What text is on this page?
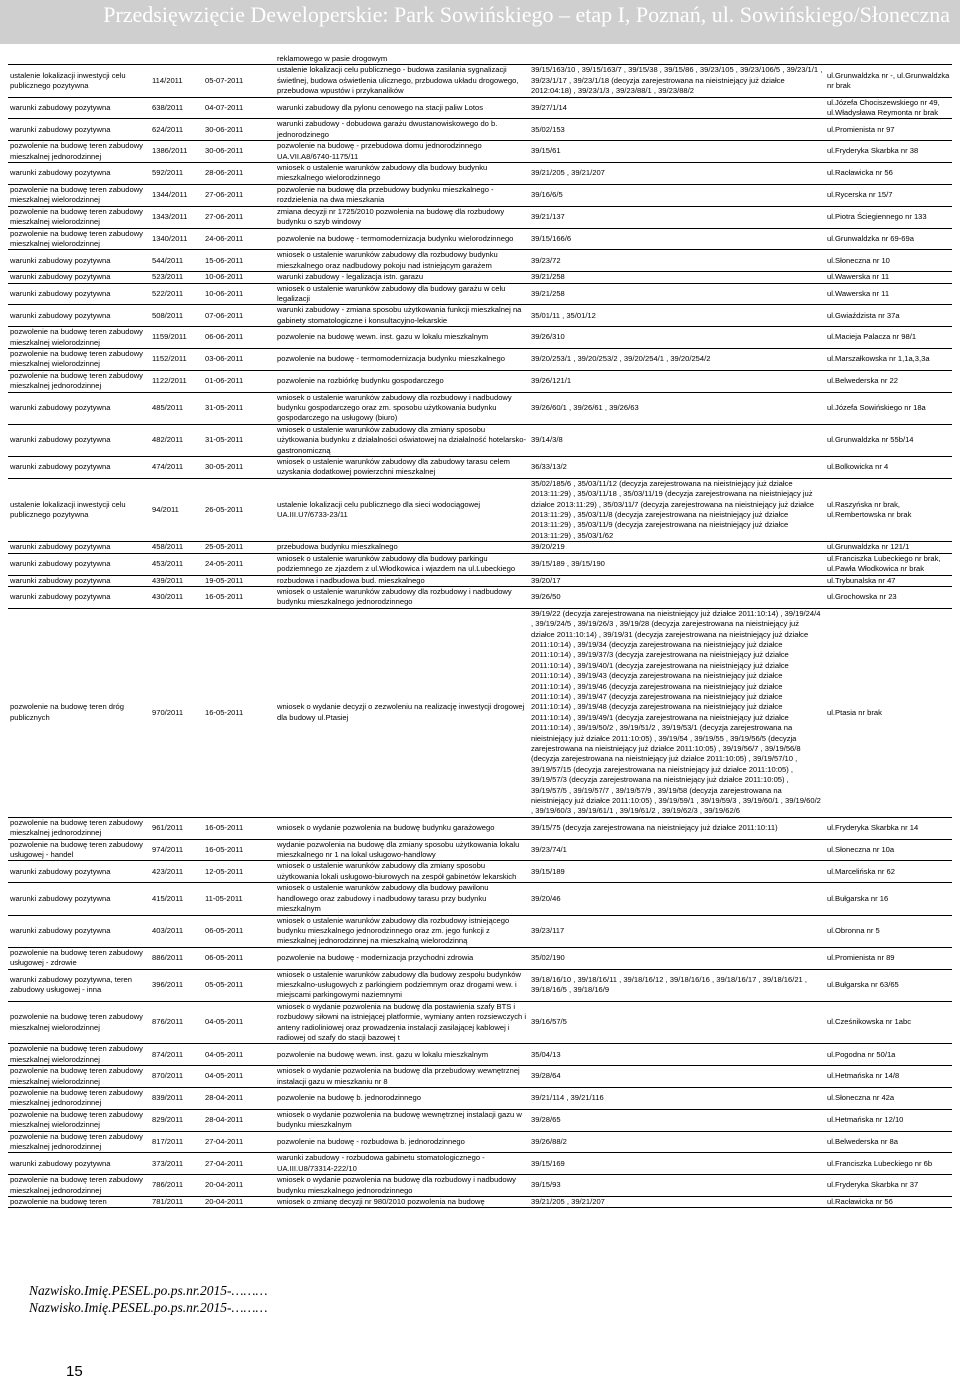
Przedsięwzięcie Deweloperskie: Park Sowińskiego – etap I, Poznań, ul. Sowińskiego/Słoneczna
			reklamowego w pasie drogowym		
ustalenie lokalizacji inwestycji celu publicznego pozytywna	114/2011	05-07-2011	ustalenie lokalizacji celu publicznego - budowa zasilania sygnalizacji świetlnej, budowa oświetlenia ulicznego, przbudowa układu drogowego, przebudowa wpustów i przykanalików	39/15/163/10 , 39/15/163/7 , 39/15/38 , 39/15/86 , 39/23/105 , 39/23/106/5 , 39/23/1/1 , 39/23/1/17 , 39/23/1/18 (decyzja zarejestrowana na nieistniejący już działce 2012:04:18) , 39/23/1/3 , 39/23/88/1 , 39/23/88/2	ul.Grunwaldzka nr -, ul.Grunwaldzka nr brak
warunki zabudowy pozytywna	638/2011	04-07-2011	warunki zabudowy dla pylonu cenowego na stacji paliw Lotos	39/27/1/14	ul.Józefa Chociszewskiego nr 49, ul.Władysława Reymonta nr brak
warunki zabudowy pozytywna	624/2011	30-06-2011	warunki zabudowy - dobudowa garażu dwustanowiskowego do b. jednorodzinego	35/02/153	ul.Promienista nr 97
pozwolenie na budowę teren zabudowy mieszkalnej jednorodzinnej	1386/2011	30-06-2011	pozwolenie na budowę - przebudowa domu jednorodzinnego UA.VII.A8/6740-1175/11	39/15/61	ul.Fryderyka Skarbka nr 38
warunki zabudowy pozytywna	592/2011	28-06-2011	wniosek o ustalenie warunków zabudowy dla budowy budynku mieszkalnego wielorodzinnego	39/21/205 , 39/21/207	ul.Racławicka nr 56
pozwolenie na budowę teren zabudowy mieszkalnej wielorodzinnej	1344/2011	27-06-2011	pozwolenie na budowę dla przebudowy budynku mieszkalnego - rozdzielenia na dwa mieszkania	39/16/6/5	ul.Rycerska nr 15/7
pozwolenie na budowę teren zabudowy mieszkalnej wielorodzinnej	1343/2011	27-06-2011	zmiana decyzji nr 1725/2010 pozwolenia na budowę dla rozbudowy budynku o szyb windowy	39/21/137	ul.Piotra Ściegiennego nr 133
pozwolenie na budowę teren zabudowy mieszkalnej wielorodzinnej	1340/2011	24-06-2011	pozwolenie na budowę - termomodernizacja budynku wielorodzinnego	39/15/166/6	ul.Grunwaldzka nr 69-69a
warunki zabudowy pozytywna	544/2011	15-06-2011	wniosek o ustalenie warunków zabudowy dla rozbudowy budynku mieszkalnego oraz nadbudowy pokoju nad istniejącym garażem	39/23/72	ul.Słoneczna nr 10
warunki zabudowy pozytywna	523/2011	10-06-2011	warunki zabudowy - legalizacja istn. garazu	39/21/258	ul.Wawerska nr 11
warunki zabudowy pozytywna	522/2011	10-06-2011	wniosek o ustalenie warunków zabudowy dla budowy garażu w celu legalizacji	39/21/258	ul.Wawerska nr 11
warunki zabudowy pozytywna	508/2011	07-06-2011	warunki zabudowy - zmiana sposobu użytkowania funkcji mieszkalnej na gabinety stomatologiczne i konsultacyjno-lekarskie	35/01/11 , 35/01/12	ul.Gwiaździsta nr 37a
pozwolenie na budowę teren zabudowy mieszkalnej wielorodzinnej	1159/2011	06-06-2011	pozwolenie na budowę wewn. inst. gazu w lokalu mieszkalnym	39/26/310	ul.Macieja Palacza nr 98/1
pozwolenie na budowę teren zabudowy mieszkalnej wielorodzinnej	1152/2011	03-06-2011	pozwolenie na budowę - termomodernizacja budynku mieszkalnego	39/20/253/1 , 39/20/253/2 , 39/20/254/1 , 39/20/254/2	ul.Marszałkowska nr 1,1a,3,3a
pozwolenie na budowę teren zabudowy mieszkalnej jednorodzinnej	1122/2011	01-06-2011	pozwolenie na rozbiórkę budynku gospodarczego	39/26/121/1	ul.Belwederska nr 22
warunki zabudowy pozytywna	485/2011	31-05-2011	wniosek o ustalenie warunków zabudowy dla rozbudowy i nadbudowy budynku gospodarczego oraz zm. sposobu użytkowania budynku gospodarczego na usługowy (biuro)	39/26/60/1 , 39/26/61 , 39/26/63	ul.Józefa Sowińskiego nr 18a
warunki zabudowy pozytywna	482/2011	31-05-2011	wniosek o ustalenie warunków zabudowy dla zmiany sposobu użytkowania budynku z działalności oświatowej na działalność hotelarsko-gastronomiczną	39/14/3/8	ul.Grunwaldzka nr 55b/14
warunki zabudowy pozytywna	474/2011	30-05-2011	wniosek o ustalenie warunków zabudowy dla zabudowy tarasu celem uzyskania dodatkowej powierzchni mieszkalnej	36/33/13/2	ul.Bolkowicka nr 4
ustalenie lokalizacji inwestycji celu publicznego pozytywna	94/2011	26-05-2011	ustalenie lokalizacji celu publicznego dla sieci wodociągowej UA.III.U7/6733-23/11	35/02/185/6 , 35/03/11/12 (decyzja zarejestrowana na nieistniejący już działce 2013:11:29) , 35/03/11/18 , 35/03/11/19 (decyzja zarejestrowana na nieistniejący już działce 2013:11:29) , 35/03/11/7 (decyzja zarejestrowana na nieistniejący już działce 2013:11:29) , 35/03/11/8 (decyzja zarejestrowana na nieistniejący już działce 2013:11:29) , 35/03/11/9 (decyzja zarejestrowana na nieistniejący już działce 2013:11:29) , 35/03/1/62	ul.Raszyńska nr brak, ul.Rembertowska nr brak
warunki zabudowy pozytywna	458/2011	25-05-2011	przebudowa budynku mieszkalnego	39/20/219	ul.Grunwaldzka nr 121/1
warunki zabudowy pozytywna	453/2011	24-05-2011	wniosek o ustalenie warunków zabudowy dla budowy parkingu podziemnego ze zjazdem z ul.Włodkowica i wjazdem na ul.Lubeckiego	39/15/189 , 39/15/190	ul.Franciszka Lubeckiego nr brak, ul.Pawła Włodkowica nr brak
warunki zabudowy pozytywna	439/2011	19-05-2011	rozbudowa i nadbudowa bud. mieszkalnego	39/20/17	ul.Trybunalska nr 47
warunki zabudowy pozytywna	430/2011	16-05-2011	wniosek o ustalenie warunków zabudowy dla rozbudowy i nadbudowy budynku mieszkalnego jednorodzinnego	39/26/50	ul.Grochowska nr 23
pozwolenie na budowę teren dróg publicznych	970/2011	16-05-2011	wniosek o wydanie decyzji o zezwoleniu na realizację inwestycji drogowej dla budowy ul.Ptasiej	39/19/22 (decyzja zarejestrowana na nieistniejący już działce 2011:10:14) , 39/19/24/4 , 39/19/24/5 , 39/19/26/3 , 39/19/28 (decyzja zarejestrowana na nieistniejący już działce 2011:10:14) , 39/19/31 (decyzja zarejestrowana na nieistniejący już działce 2011:10:14) , 39/19/34 (decyzja zarejestrowana na nieistniejący już działce 2011:10:14) , 39/19/37/3 (decyzja zarejestrowana na nieistniejący już działce 2011:10:14) , 39/19/40/1 (decyzja zarejestrowana na nieistniejący już działce 2011:10:14) , 39/19/43 (decyzja zarejestrowana na nieistniejący już działce 2011:10:14) , 39/19/46 (decyzja zarejestrowana na nieistniejący już działce 2011:10:14) , 39/19/47 (decyzja zarejestrowana na nieistniejący już działce 2011:10:14) , 39/19/48 (decyzja zarejestrowana na nieistniejący już działce 2011:10:14) , 39/19/49/1 (decyzja zarejestrowana na nieistniejący już działce 2011:10:14) , 39/19/50/2 , 39/19/51/2 , 39/19/53/1 (decyzja zarejestrowana na nieistniejący już działce 2011:10:05) , 39/19/54 , 39/19/55 , 39/19/56/5 (decyzja zarejestrowana na nieistniejący już działce 2011:10:05) , 39/19/56/7 , 39/19/56/8 (decyzja zarejestrowana na nieistniejący już działce 2011:10:05) , 39/19/57/10 , 39/19/57/15 (decyzja zarejestrowana na nieistniejący już działce 2011:10:05) , 39/19/57/3 (decyzja zarejestrowana na nieistniejący już działce 2011:10:05) , 39/19/57/5 , 39/19/57/7 , 39/19/57/9 , 39/19/58 (decyzja zarejestrowana na nieistniejący już działce 2011:10:05) , 39/19/59/1 , 39/19/59/3 , 39/19/60/1 , 39/19/60/2 , 39/19/60/3 , 39/19/61/1 , 39/19/61/2 , 39/19/62/3 , 39/19/62/6	ul.Ptasia nr brak
pozwolenie na budowę teren zabudowy mieszkalnej jednorodzinnej	961/2011	16-05-2011	wniosek o wydanie pozwolenia na budowę budynku garażowego	39/15/75 (decyzja zarejestrowana na nieistniejący już działce 2011:10:11)	ul.Fryderyka Skarbka nr 14
pozwolenie na budowę teren zabudowy usługowej - handel	974/2011	16-05-2011	wydanie pozwolenia na budowę dla zmiany sposobu użytkowania lokalu mieszkalnego nr 1 na lokal usługowo-handlowy	39/23/74/1	ul.Słoneczna nr 10a
warunki zabudowy pozytywna	423/2011	12-05-2011	wniosek o ustalenie warunków zabudowy dla zmiany sposobu użytkowania lokali usługowo-biurowych na zespół gabinetów lekarskich	39/15/189	ul.Marcelińska nr 62
warunki zabudowy pozytywna	415/2011	11-05-2011	wniosek o ustalenie warunków zabudowy dla budowy pawilonu handlowego oraz zabudowy i nadbudowy tarasu przy budynku mieszkalnym	39/20/46	ul.Bułgarska nr 16
warunki zabudowy pozytywna	403/2011	06-05-2011	wniosek o ustalenie warunków zabudowy dla rozbudowy istniejącego budynku mieszkalnego jednorodzinnego oraz zm. jego funkcji z mieszkalnej jednorodzinnej na mieszkalną wielorodzinną	39/23/117	ul.Obronna nr 5
pozwolenie na budowę teren zabudowy usługowej - zdrowie	886/2011	06-05-2011	pozwolenie na budowę - modernizacja przychodni zdrowia	35/02/190	ul.Promienista nr 89
warunki zabudowy pozytywna, teren zabudowy usługowej - inna	396/2011	05-05-2011	wniosek o ustalenie warunków zabudowy dla budowy zespołu budynków mieszkalno-usługowych z parkingiem podziemnym oraz drogami wew. i miejscami parkingowymi naziemnymi	39/18/16/10 , 39/18/16/11 , 39/18/16/12 , 39/18/16/16 , 39/18/16/17 , 39/18/16/21 , 39/18/16/5 , 39/18/16/9	ul.Bułgarska nr 63/65
pozwolenie na budowę teren zabudowy mieszkalnej wielorodzinnej	876/2011	04-05-2011	wniosek o wydanie pozwolenia na budowę dla postawienia szafy BTS i rozbudowy siłowni na istniejącej platformie, wymiany anten rozsiewczych i anteny radioliniowej oraz prowadzenia instalacji zasilającej kablowej i radiowej od szafy do stacji bazowej t	39/16/57/5	ul.Cześnikowska nr 1abc
pozwolenie na budowę teren zabudowy mieszkalnej wielorodzinnej	874/2011	04-05-2011	pozwolenie na budowę wewn. inst. gazu w lokalu mieszkalnym	35/04/13	ul.Pogodna nr 50/1a
pozwolenie na budowę teren zabudowy mieszkalnej wielorodzinnej	870/2011	04-05-2011	wniosek o wydanie pozwolenia na budowę dla przebudowy wewnętrznej instalacji gazu w mieszkaniu nr 8	39/28/64	ul.Hetmańska nr 14/8
pozwolenie na budowę teren zabudowy mieszkalnej jednorodzinnej	839/2011	28-04-2011	pozwolenie na budowę b. jednorodzinnego	39/21/114 , 39/21/116	ul.Słoneczna nr 42a
pozwolenie na budowę teren zabudowy mieszkalnej wielorodzinnej	829/2011	28-04-2011	wniosek o wydanie pozwolenia na budowę wewnętrznej instalacji gazu w budynku mieszkalnym	39/28/65	ul.Hetmańska nr 12/10
pozwolenie na budowę teren zabudowy mieszkalnej jednorodzinnej	817/2011	27-04-2011	pozwolenie na budowę - rozbudowa b. jednorodzinnego	39/26/88/2	ul.Belwederska nr 8a
warunki zabudowy pozytywna	373/2011	27-04-2011	warunki zabudowy - rozbudowa gabinetu stomatologicznego - UA.III.U8/73314-222/10	39/15/169	ul.Franciszka Lubeckiego nr 6b
pozwolenie na budowę teren zabudowy mieszkalnej jednorodzinnej	786/2011	20-04-2011	wniosek o wydanie pozwolenia na budowę dla rozbudowy i nadbudowy budynku mieszkalnego jednorodzinnego	39/15/93	ul.Fryderyka Skarbka nr 37
pozwolenie na budowę teren	781/2011	20-04-2011	wniosek o zmianę decyzji nr 980/2010 pozwolenia na budowę	39/21/205 , 39/21/207	ul.Racławicka nr 56
Nazwisko.Imię.PESEL.po.ps.nr.2015-………
Nazwisko.Imię.PESEL.po.ps.nr.2015-………
15
